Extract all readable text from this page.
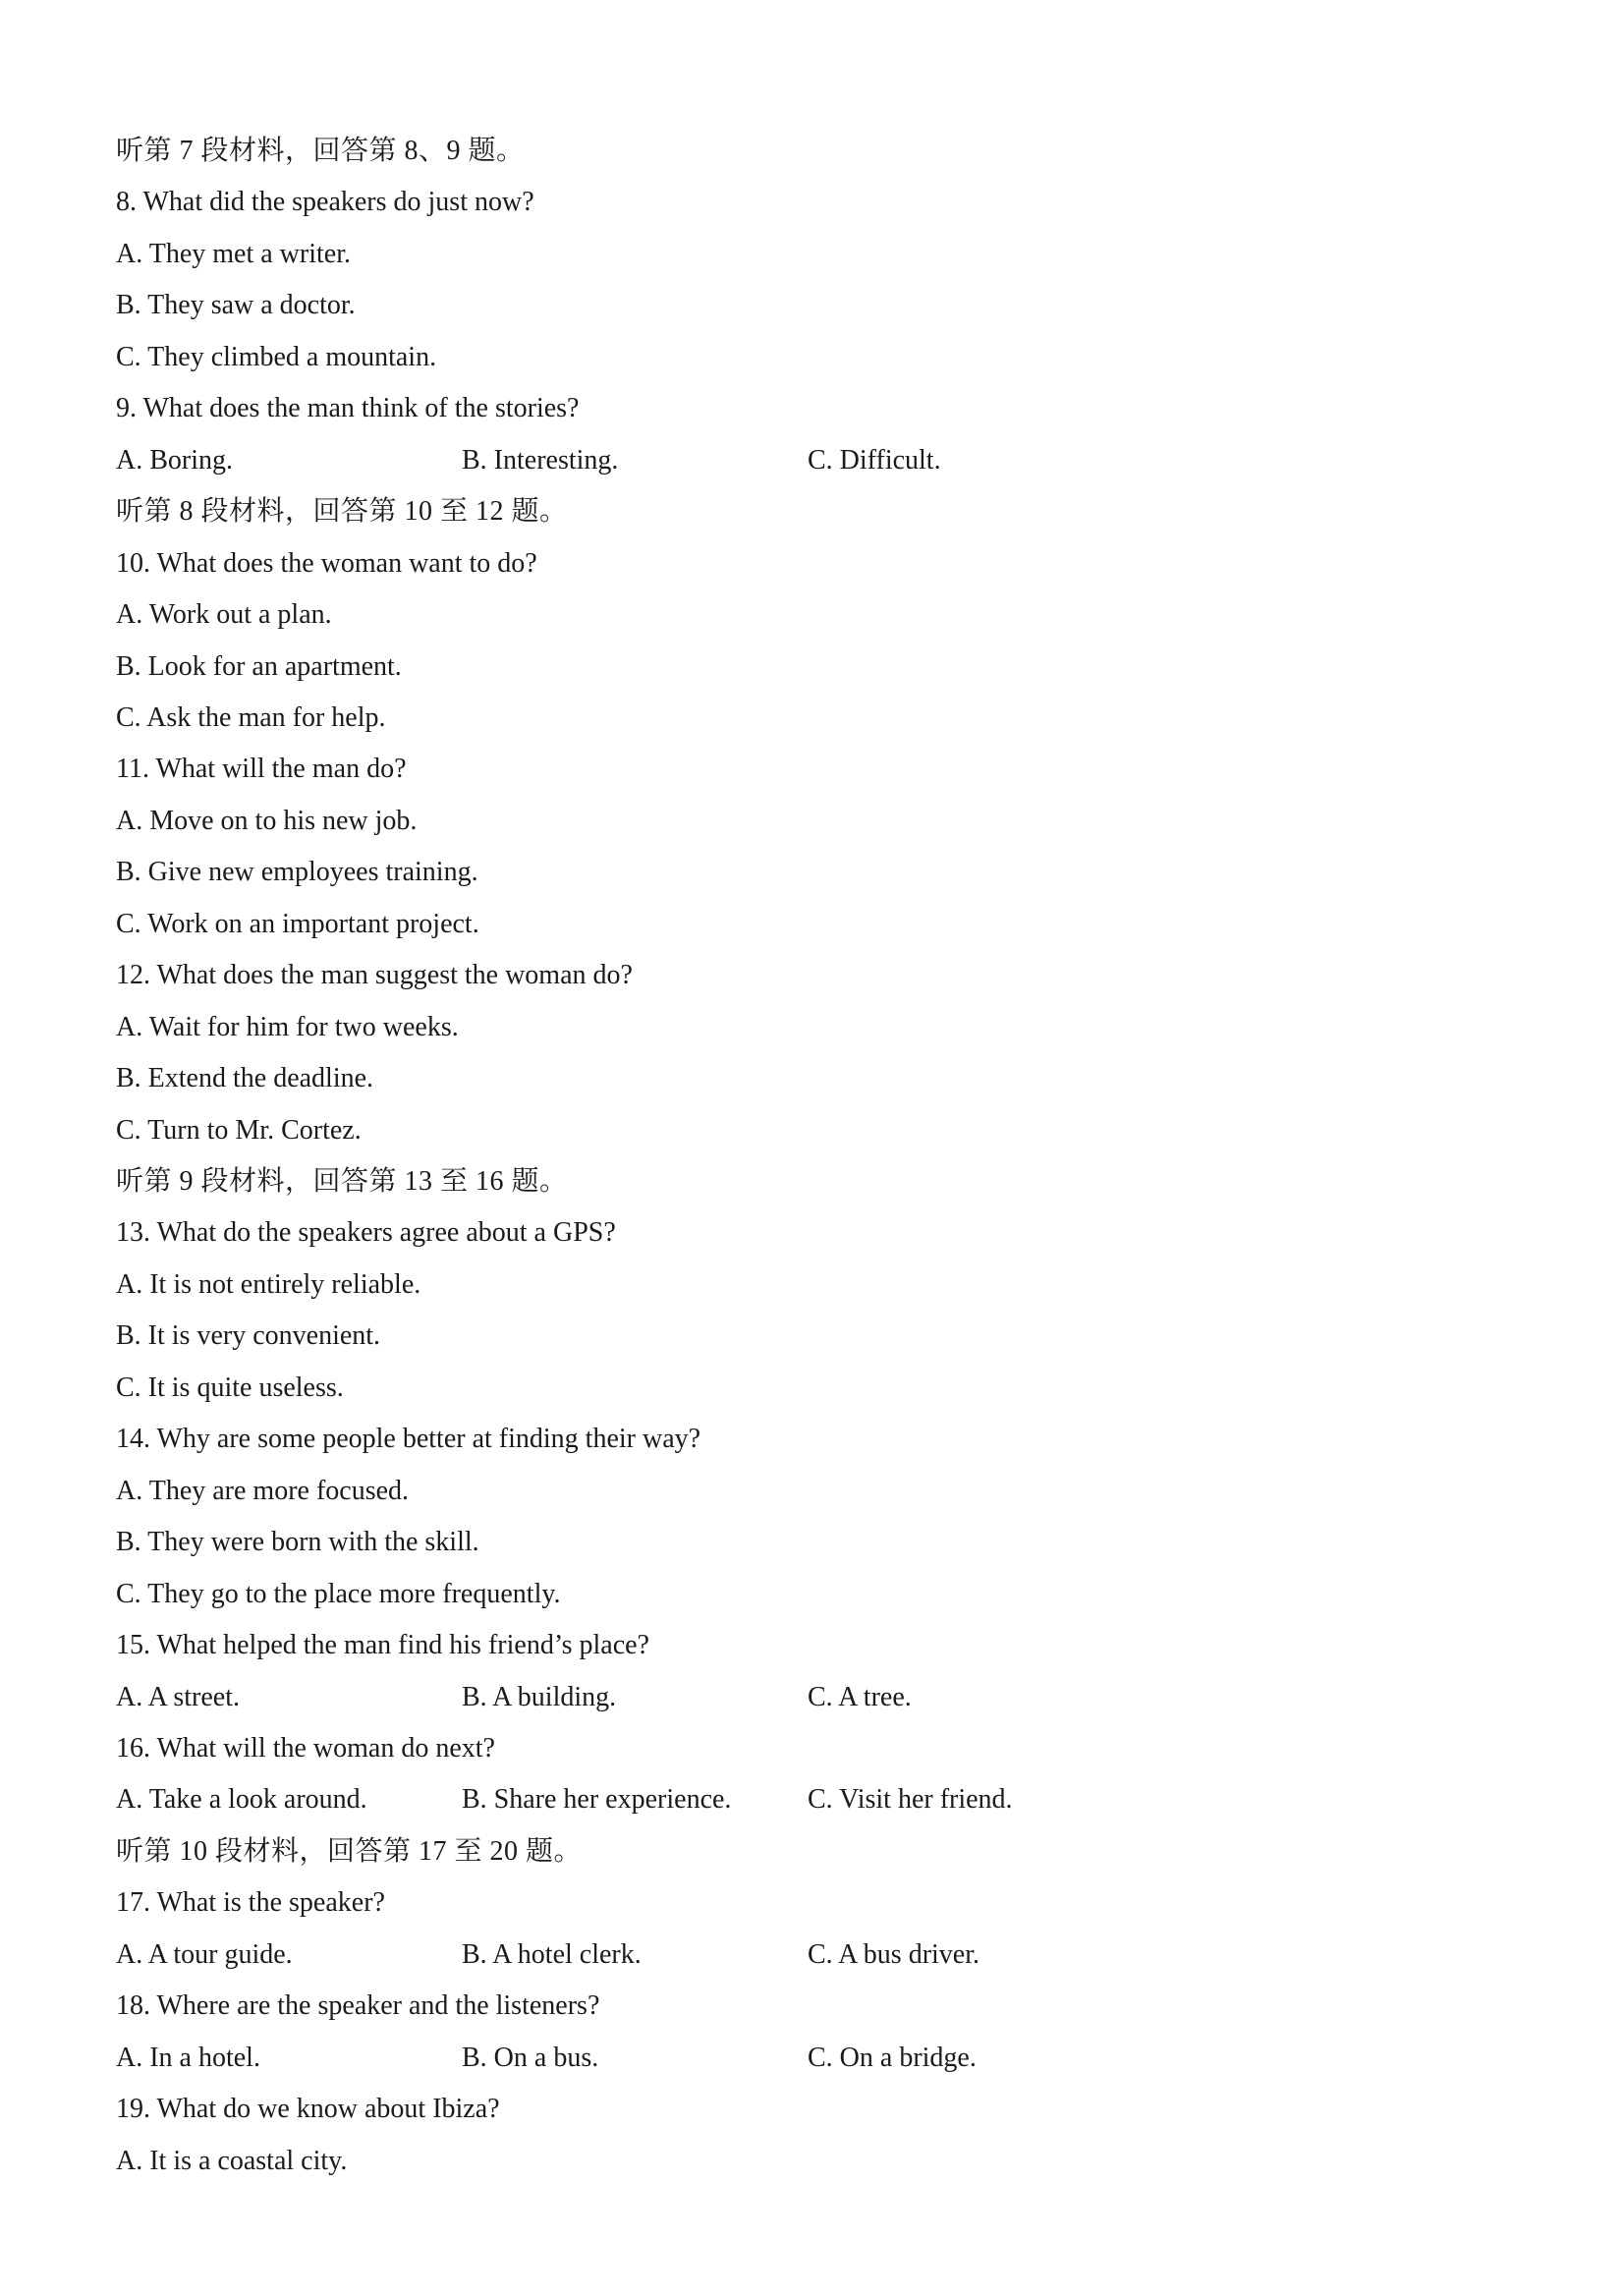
听第 7 段材料，回答第 8、9 题。
8. What did the speakers do just now?
A. They met a writer.
B. They saw a doctor.
C. They climbed a mountain.
9. What does the man think of the stories?
A. Boring.	B. Interesting.	C. Difficult.
听第 8 段材料，回答第 10 至 12 题。
10. What does the woman want to do?
A. Work out a plan.
B. Look for an apartment.
C. Ask the man for help.
11. What will the man do?
A. Move on to his new job.
B. Give new employees training.
C. Work on an important project.
12. What does the man suggest the woman do?
A. Wait for him for two weeks.
B. Extend the deadline.
C. Turn to Mr. Cortez.
听第 9 段材料，回答第 13 至 16 题。
13. What do the speakers agree about a GPS?
A. It is not entirely reliable.
B. It is very convenient.
C. It is quite useless.
14. Why are some people better at finding their way?
A. They are more focused.
B. They were born with the skill.
C. They go to the place more frequently.
15. What helped the man find his friend’s place?
A. A street.	B. A building.	C. A tree.
16. What will the woman do next?
A. Take a look around.	B. Share her experience.	C. Visit her friend.
听第 10 段材料，回答第 17 至 20 题。
17. What is the speaker?
A. A tour guide.	B. A hotel clerk.	C. A bus driver.
18. Where are the speaker and the listeners?
A. In a hotel.	B. On a bus.	C. On a bridge.
19. What do we know about Ibiza?
A. It is a coastal city.
